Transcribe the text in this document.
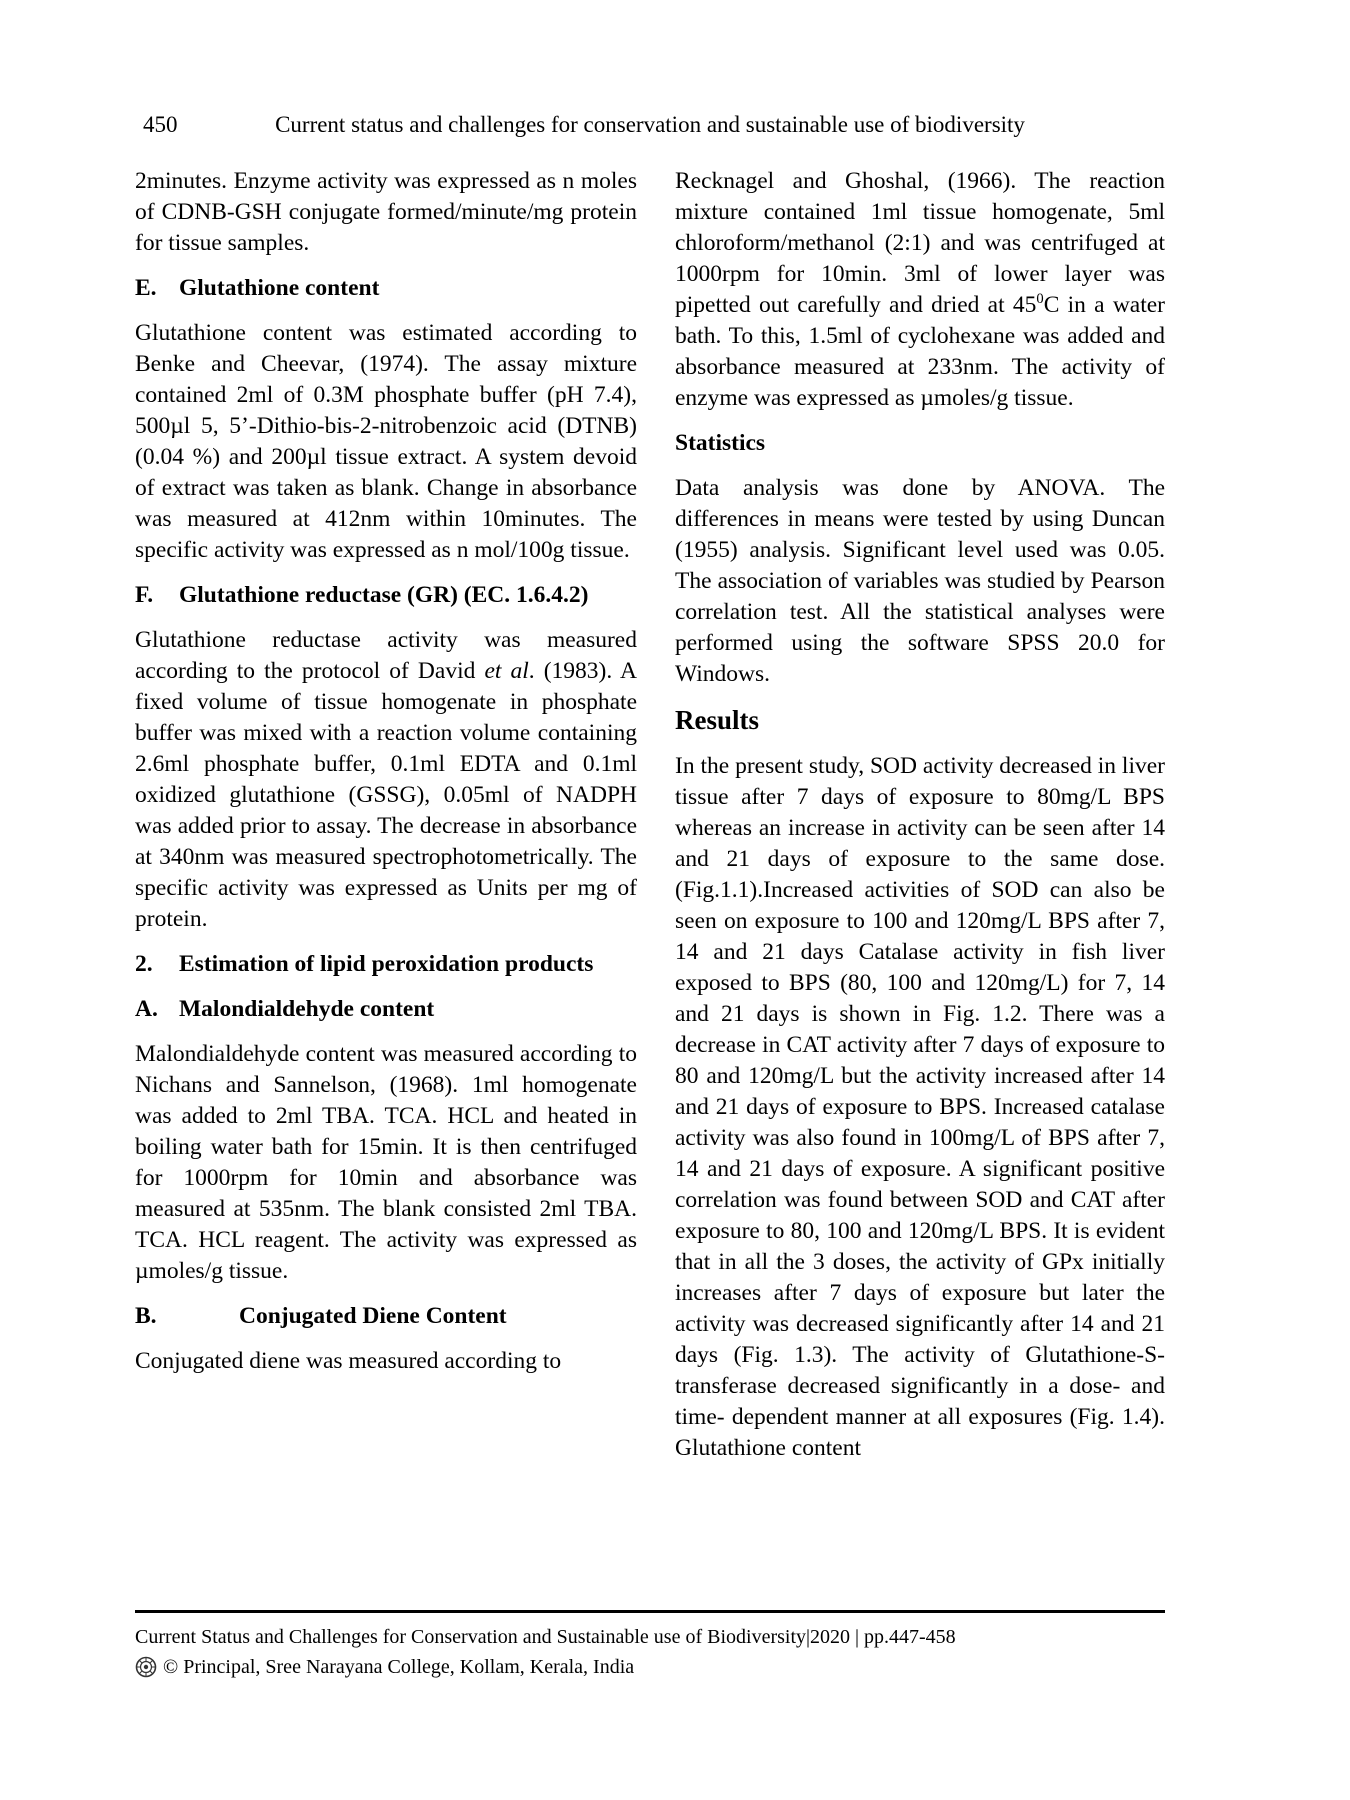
450	Current status and challenges for conservation and sustainable use of biodiversity

2minutes. Enzyme activity was expressed as n moles of CDNB-GSH conjugate formed/minute/mg protein for tissue samples.

E. Glutathione content

Glutathione content was estimated according to Benke and Cheevar, (1974). The assay mixture contained 2ml of 0.3M phosphate buffer (pH 7.4), 500µl 5, 5’-Dithio-bis-2-nitrobenzoic acid (DTNB) (0.04 %) and 200µl tissue extract. A system devoid of extract was taken as blank. Change in absorbance was measured at 412nm within 10minutes. The specific activity was expressed as n mol/100g tissue.

F. Glutathione reductase (GR) (EC. 1.6.4.2)

Glutathione reductase activity was measured according to the protocol of David et al. (1983). A fixed volume of tissue homogenate in phosphate buffer was mixed with a reaction volume containing 2.6ml phosphate buffer, 0.1ml EDTA and 0.1ml oxidized glutathione (GSSG), 0.05ml of NADPH was added prior to assay. The decrease in absorbance at 340nm was measured spectrophotometrically. The specific activity was expressed as Units per mg of protein.

2. Estimation of lipid peroxidation products
A. Malondialdehyde content

Malondialdehyde content was measured according to Nichans and Sannelson, (1968). 1ml homogenate was added to 2ml TBA. TCA. HCL and heated in boiling water bath for 15min. It is then centrifuged for 1000rpm for 10min and absorbance was measured at 535nm. The blank consisted 2ml TBA. TCA. HCL reagent. The activity was expressed as µmoles/g tissue.

B.	Conjugated Diene Content

Conjugated diene was measured according to

Recknagel and Ghoshal, (1966). The reaction mixture contained 1ml tissue homogenate, 5ml chloroform/methanol (2:1) and was centrifuged at 1000rpm for 10min. 3ml of lower layer was pipetted out carefully and dried at $45^0C$ in a water bath. To this, 1.5ml of cyclohexane was added and absorbance measured at 233nm. The activity of enzyme was expressed as µmoles/g tissue.

Statistics

Data analysis was done by ANOVA. The differences in means were tested by using Duncan (1955) analysis. Significant level used was 0.05. The association of variables was studied by Pearson correlation test. All the statistical analyses were performed using the software SPSS 20.0 for Windows.

Results

In the present study, SOD activity decreased in liver tissue after 7 days of exposure to 80mg/L BPS whereas an increase in activity can be seen after 14 and 21 days of exposure to the same dose. (Fig.1.1).Increased activities of SOD can also be seen on exposure to 100 and 120mg/L BPS after 7, 14 and 21 days Catalase activity in fish liver exposed to BPS (80, 100 and 120mg/L) for 7, 14 and 21 days is shown in Fig. 1.2. There was a decrease in CAT activity after 7 days of exposure to 80 and 120mg/L but the activity increased after 14 and 21 days of exposure to BPS. Increased catalase activity was also found in 100mg/L of BPS after 7, 14 and 21 days of exposure. A significant positive correlation was found between SOD and CAT after exposure to 80, 100 and 120mg/L BPS. It is evident that in all the 3 doses, the activity of GPx initially increases after 7 days of exposure but later the activity was decreased significantly after 14 and 21 days (Fig. 1.3). The activity of Glutathione-S- transferase decreased significantly in a dose- and time- dependent manner at all exposures (Fig. 1.4). Glutathione content

Current Status and Challenges for Conservation and Sustainable use of Biodiversity|2020 | pp.447-458
© Principal, Sree Narayana College, Kollam, Kerala, India
